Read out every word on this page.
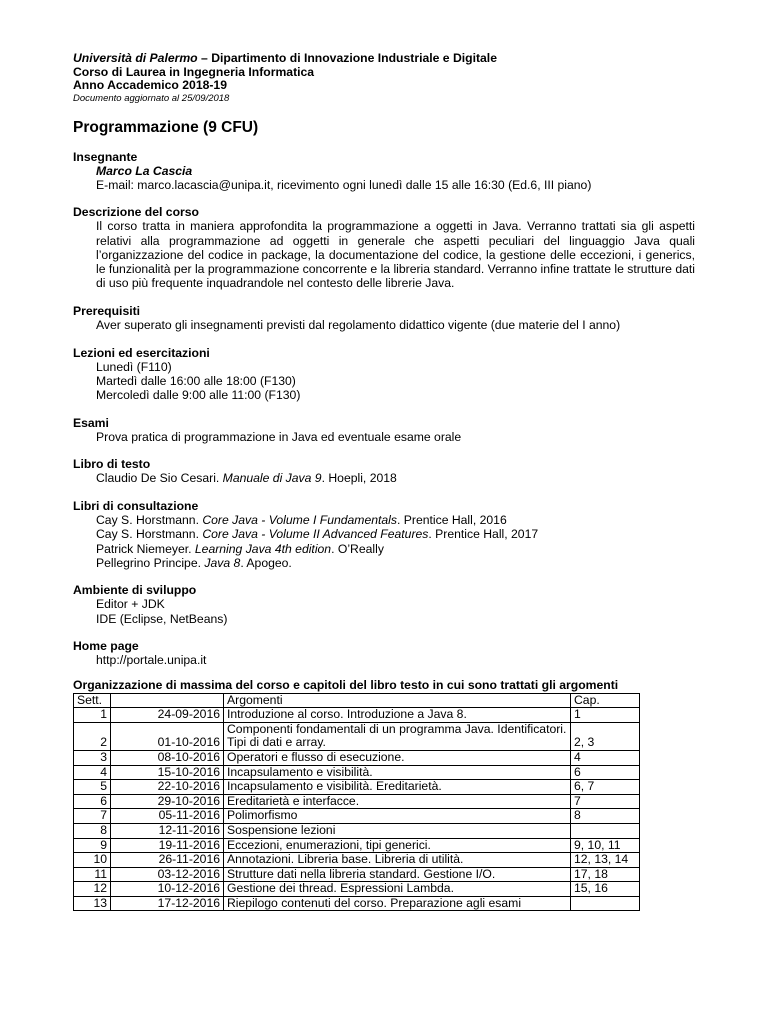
Università di Palermo – Dipartimento di Innovazione Industriale e Digitale
Corso di Laurea in Ingegneria Informatica
Anno Accademico 2018-19
Documento aggiornato al 25/09/2018
Programmazione (9 CFU)
Insegnante
Marco La Cascia
E-mail: marco.lacascia@unipa.it, ricevimento ogni lunedì dalle 15 alle 16:30 (Ed.6, III piano)
Descrizione del corso
Il corso tratta in maniera approfondita la programmazione a oggetti in Java. Verranno trattati sia gli aspetti relativi alla programmazione ad oggetti in generale che aspetti peculiari del linguaggio Java quali l’organizzazione del codice in package, la documentazione del codice, la gestione delle eccezioni, i generics, le funzionalità per la programmazione concorrente e la libreria standard. Verranno infine trattate le strutture dati di uso più frequente inquadrandole nel contesto delle librerie Java.
Prerequisiti
Aver superato gli insegnamenti previsti dal regolamento didattico vigente (due materie del I anno)
Lezioni ed esercitazioni
Lunedì (F110)
Martedì dalle 16:00 alle 18:00 (F130)
Mercoledì dalle 9:00 alle 11:00 (F130)
Esami
Prova pratica di programmazione in Java ed eventuale esame orale
Libro di testo
Claudio De Sio Cesari. Manuale di Java 9. Hoepli, 2018
Libri di consultazione
Cay S. Horstmann. Core Java - Volume I Fundamentals. Prentice Hall, 2016
Cay S. Horstmann. Core Java - Volume II Advanced Features. Prentice Hall, 2017
Patrick Niemeyer. Learning Java 4th edition. O’Really
Pellegrino Principe. Java 8. Apogeo.
Ambiente di sviluppo
Editor + JDK
IDE (Eclipse, NetBeans)
Home page
http://portale.unipa.it
Organizzazione di massima del corso e capitoli del libro testo in cui sono trattati gli argomenti
Sett.		Argomenti	Cap.
1	24-09-2016	Introduzione al corso. Introduzione a Java 8.	1
2	01-10-2016	Componenti fondamentali di un programma Java. Identificatori. Tipi di dati e array.	2, 3
3	08-10-2016	Operatori e flusso di esecuzione.	4
4	15-10-2016	Incapsulamento e visibilità.	6
5	22-10-2016	Incapsulamento e visibilità. Ereditarietà.	6, 7
6	29-10-2016	Ereditarietà e interfacce.	7
7	05-11-2016	Polimorfismo	8
8	12-11-2016	Sospensione lezioni	
9	19-11-2016	Eccezioni, enumerazioni, tipi generici.	9, 10, 11
10	26-11-2016	Annotazioni. Libreria base. Libreria di utilità.	12, 13, 14
11	03-12-2016	Strutture dati nella libreria standard. Gestione I/O.	17, 18
12	10-12-2016	Gestione dei thread. Espressioni Lambda.	15, 16
13	17-12-2016	Riepilogo contenuti del corso. Preparazione agli esami	
